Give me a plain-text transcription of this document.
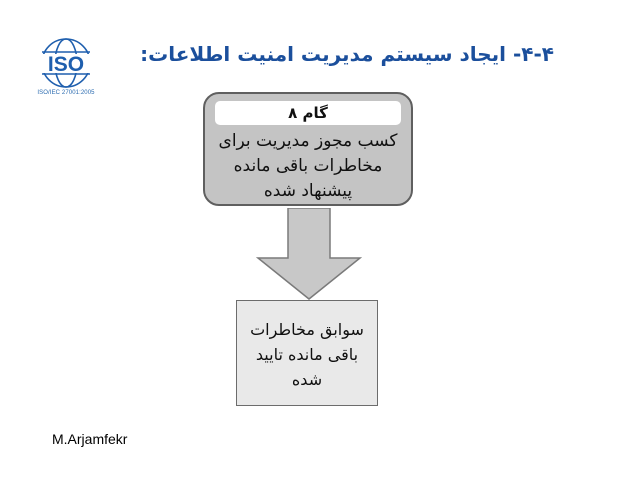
ISO
ISO/IEC 27001:2005
۴-۴- ایجاد سیستم مدیریت امنیت اطلاعات:
گام ۸
کسب مجوز مدیریت برای
مخاطرات باقی مانده
پیشنهاد شده
سوابق مخاطرات
باقی مانده تایید
شده
M.Arjamfekr
